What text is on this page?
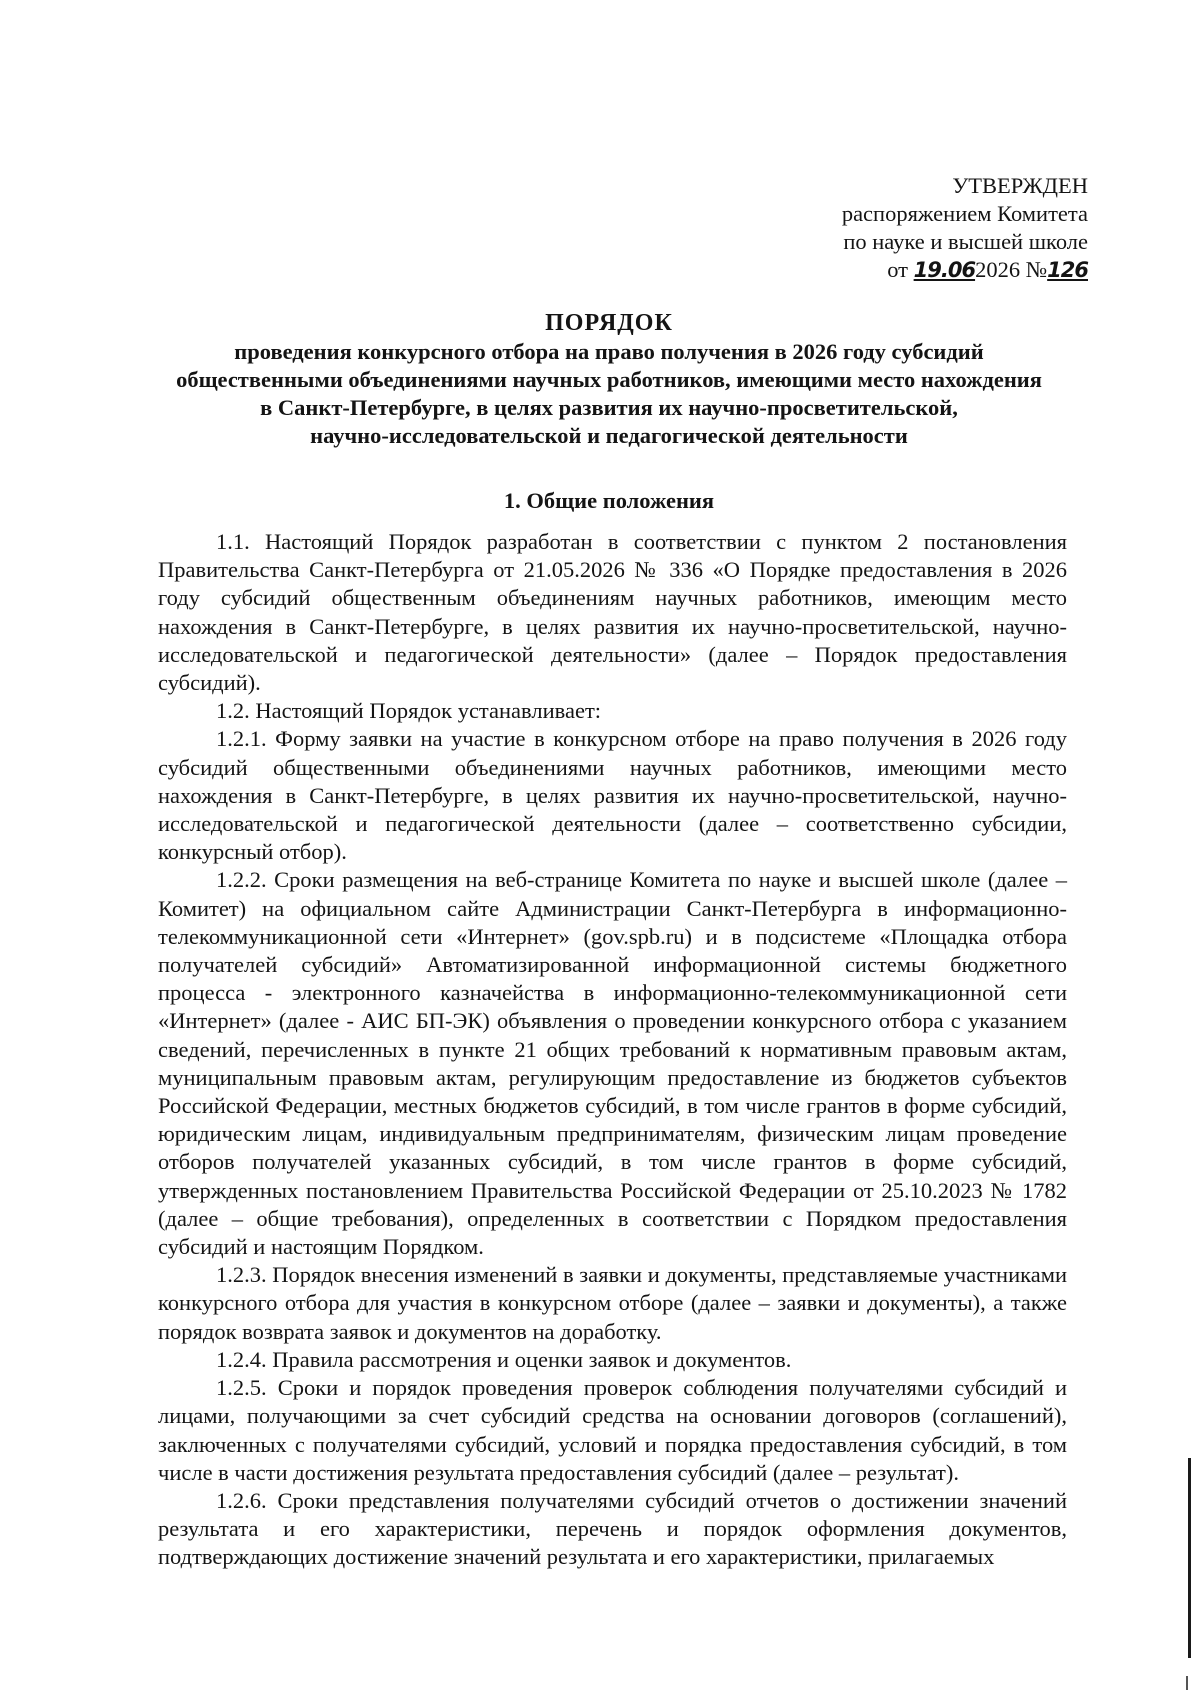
УТВЕРЖДЕН
распоряжением Комитета
по науке и высшей школе
от 19.062026 №126

ПОРЯДОК

проведения конкурсного отбора на право получения в 2026 году субсидий
общественными объединениями научных работников, имеющими место нахождения
в Санкт-Петербурге, в целях развития их научно-просветительской,
научно-исследовательской и педагогической деятельности

1. Общие положения

1.1. Настоящий Порядок разработан в соответствии с пунктом 2 постановления Правительства Санкт-Петербурга от 21.05.2026 № 336 «О Порядке предоставления в 2026 году субсидий общественным объединениям научных работников, имеющим место нахождения в Санкт-Петербурге, в целях развития их научно-просветительской, научно-исследовательской и педагогической деятельности» (далее – Порядок предоставления субсидий).

1.2. Настоящий Порядок устанавливает:

1.2.1. Форму заявки на участие в конкурсном отборе на право получения в 2026 году субсидий общественными объединениями научных работников, имеющими место нахождения в Санкт-Петербурге, в целях развития их научно-просветительской, научно-исследовательской и педагогической деятельности (далее – соответственно субсидии, конкурсный отбор).

1.2.2. Сроки размещения на веб-странице Комитета по науке и высшей школе (далее – Комитет) на официальном сайте Администрации Санкт-Петербурга в информационно-телекоммуникационной сети «Интернет» (gov.spb.ru) и в подсистеме «Площадка отбора получателей субсидий» Автоматизированной информационной системы бюджетного процесса - электронного казначейства в информационно-телекоммуникационной сети «Интернет» (далее - АИС БП-ЭК) объявления о проведении конкурсного отбора с указанием сведений, перечисленных в пункте 21 общих требований к нормативным правовым актам, муниципальным правовым актам, регулирующим предоставление из бюджетов субъектов Российской Федерации, местных бюджетов субсидий, в том числе грантов в форме субсидий, юридическим лицам, индивидуальным предпринимателям, физическим лицам проведение отборов получателей указанных субсидий, в том числе грантов в форме субсидий, утвержденных постановлением Правительства Российской Федерации от 25.10.2023 № 1782 (далее – общие требования), определенных в соответствии с Порядком предоставления субсидий и настоящим Порядком.

1.2.3. Порядок внесения изменений в заявки и документы, представляемые участниками конкурсного отбора для участия в конкурсном отборе (далее – заявки и документы), а также порядок возврата заявок и документов на доработку.

1.2.4. Правила рассмотрения и оценки заявок и документов.

1.2.5. Сроки и порядок проведения проверок соблюдения получателями субсидий и лицами, получающими за счет субсидий средства на основании договоров (соглашений), заключенных с получателями субсидий, условий и порядка предоставления субсидий, в том числе в части достижения результата предоставления субсидий (далее – результат).

1.2.6. Сроки представления получателями субсидий отчетов о достижении значений результата и его характеристики, перечень и порядок оформления документов, подтверждающих достижение значений результата и его характеристики, прилагаемых
